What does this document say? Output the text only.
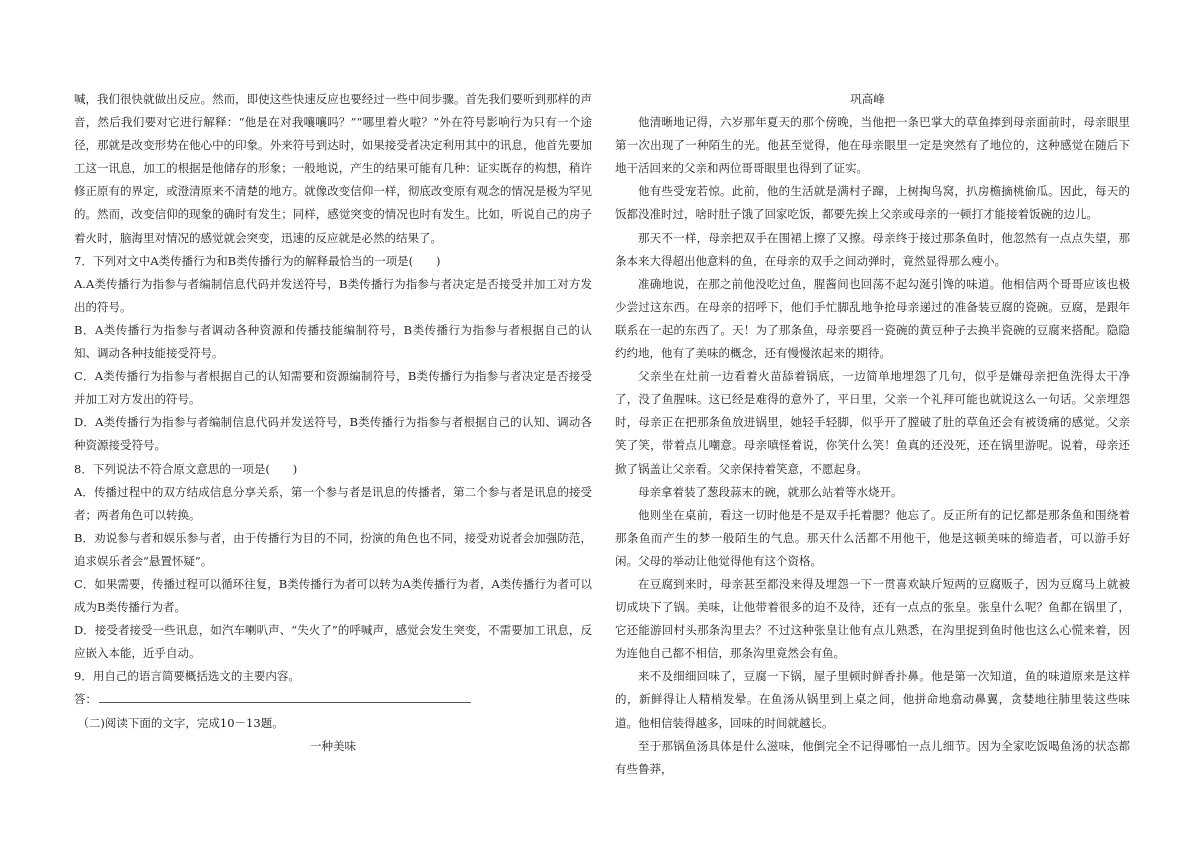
喊，我们很快就做出反应。然而，即使这些快速反应也要经过一些中间步骤。首先我们要听到那样的声音，然后我们要对它进行解释：“他是在对我嚷嚷吗？”“哪里着火啦？”外在符号影响行为只有一个途径，那就是改变形势在他心中的印象。外来符号到达时，如果接受者决定利用其中的讯息，他首先要加工这一讯息，加工的根据是他储存的形象；一般地说，产生的结果可能有几种：证实既存的构想，稍许修正原有的界定，或澄清原来不清楚的地方。就像改变信仰一样，彻底改变原有观念的情况是极为罕见的。然而，改变信仰的现象的确时有发生；同样，感觉突变的情况也时有发生。比如，听说自己的房子着火时，脑海里对情况的感觉就会突变，迅速的反应就是必然的结果了。

7．下列对文中A类传播行为和B类传播行为的解释最恰当的一项是(　　)

A.A类传播行为指参与者编制信息代码并发送符号，B类传播行为指参与者决定是否接受并加工对方发出的符号。

B．A类传播行为指参与者调动各种资源和传播技能编制符号，B类传播行为指参与者根据自己的认知、调动各种技能接受符号。

C．A类传播行为指参与者根据自己的认知需要和资源编制符号，B类传播行为指参与者决定是否接受并加工对方发出的符号。

D．A类传播行为指参与者编制信息代码并发送符号，B类传播行为指参与者根据自己的认知、调动各种资源接受符号。

8．下列说法不符合原文意思的一项是(　　)

A．传播过程中的双方结成信息分享关系，第一个参与者是讯息的传播者，第二个参与者是讯息的接受者；两者角色可以转换。

B．劝说参与者和娱乐参与者，由于传播行为目的不同，扮演的角色也不同，接受劝说者会加强防范，追求娱乐者会“悬置怀疑”。

C．如果需要，传播过程可以循环往复，B类传播行为者可以转为A类传播行为者，A类传播行为者可以成为B类传播行为者。

D．接受者接受一些讯息，如汽车喇叭声、“失火了”的呼喊声，感觉会发生突变，不需要加工讯息，反应嵌入本能，近乎自动。

9．用自己的语言简要概括选文的主要内容。

答：

（二)阅读下面的文字，完成10－13题。

一种美味

巩高峰

他清晰地记得，六岁那年夏天的那个傍晚，当他把一条巴掌大的草鱼捧到母亲面前时，母亲眼里第一次出现了一种陌生的光。他甚至觉得，他在母亲眼里一定是突然有了地位的，这种感觉在随后下地干活回来的父亲和两位哥哥眼里也得到了证实。

他有些受宠若惊。此前，他的生活就是满村子蹿，上树掏鸟窝，扒房檐摘桃偷瓜。因此，每天的饭都没准时过，啥时肚子饿了回家吃饭，都要先挨上父亲或母亲的一顿打才能接着饭碗的边儿。

那天不一样，母亲把双手在围裙上擦了又擦。母亲终于接过那条鱼时，他忽然有一点点失望，那条本来大得超出他意料的鱼，在母亲的双手之间动弹时，竟然显得那么瘦小。

准确地说，在那之前他没吃过鱼，腥酱间也回荡不起勾涎引馋的味道。他相信两个哥哥应该也极少尝过这东西。在母亲的招呼下，他们手忙脚乱地争抢母亲递过的准备装豆腐的瓷碗。豆腐，是跟年联系在一起的东西了。天！为了那条鱼，母亲要舀一瓷碗的黄豆种子去换半瓷碗的豆腐来搭配。隐隐约约地，他有了美味的概念，还有慢慢浓起来的期待。

父亲坐在灶前一边看着火苗舔着锅底，一边简单地埋怨了几句，似乎是嫌母亲把鱼洗得太干净了，没了鱼腥味。这已经是难得的意外了，平日里，父亲一个礼拜可能也就说这么一句话。父亲埋怨时，母亲正在把那条鱼放进锅里，她轻手轻脚，似乎开了膛破了肚的草鱼还会有被烫痛的感觉。父亲笑了笑，带着点儿嘲意。母亲嗔怪着说，你笑什么笑！鱼真的还没死，还在锅里游呢。说着，母亲还掀了锅盖让父亲看。父亲保持着笑意，不愿起身。

母亲拿着装了葱段蒜末的碗，就那么站着等水烧开。

他则坐在桌前，看这一切时他是不是双手托着腮？他忘了。反正所有的记忆都是那条鱼和围绕着那条鱼而产生的梦一般陌生的气息。那天什么活都不用他干，他是这顿美味的缔造者，可以游手好闲。父母的举动让他觉得他有这个资格。

在豆腐到来时，母亲甚至都没来得及埋怨一下一贯喜欢缺斤短两的豆腐贩子，因为豆腐马上就被切成块下了锅。美味，让他带着很多的迫不及待，还有一点点的张皇。张皇什么呢？鱼都在锅里了，它还能游回村头那条沟里去？不过这种张皇让他有点儿熟悉，在沟里捉到鱼时他也这么心慌来着，因为连他自己都不相信，那条沟里竟然会有鱼。

来不及细细回味了，豆腐一下锅，屋子里顿时鲜香扑鼻。他是第一次知道，鱼的味道原来是这样的，新鲜得让人精梢发晕。在鱼汤从锅里到上桌之间，他拼命地翕动鼻翼，贪婪地往肺里装这些味道。他相信装得越多，回味的时间就越长。

至于那锅鱼汤具体是什么滋味，他倒完全不记得哪怕一点儿细节。因为全家吃饭喝鱼汤的状态都有些鲁莽，
